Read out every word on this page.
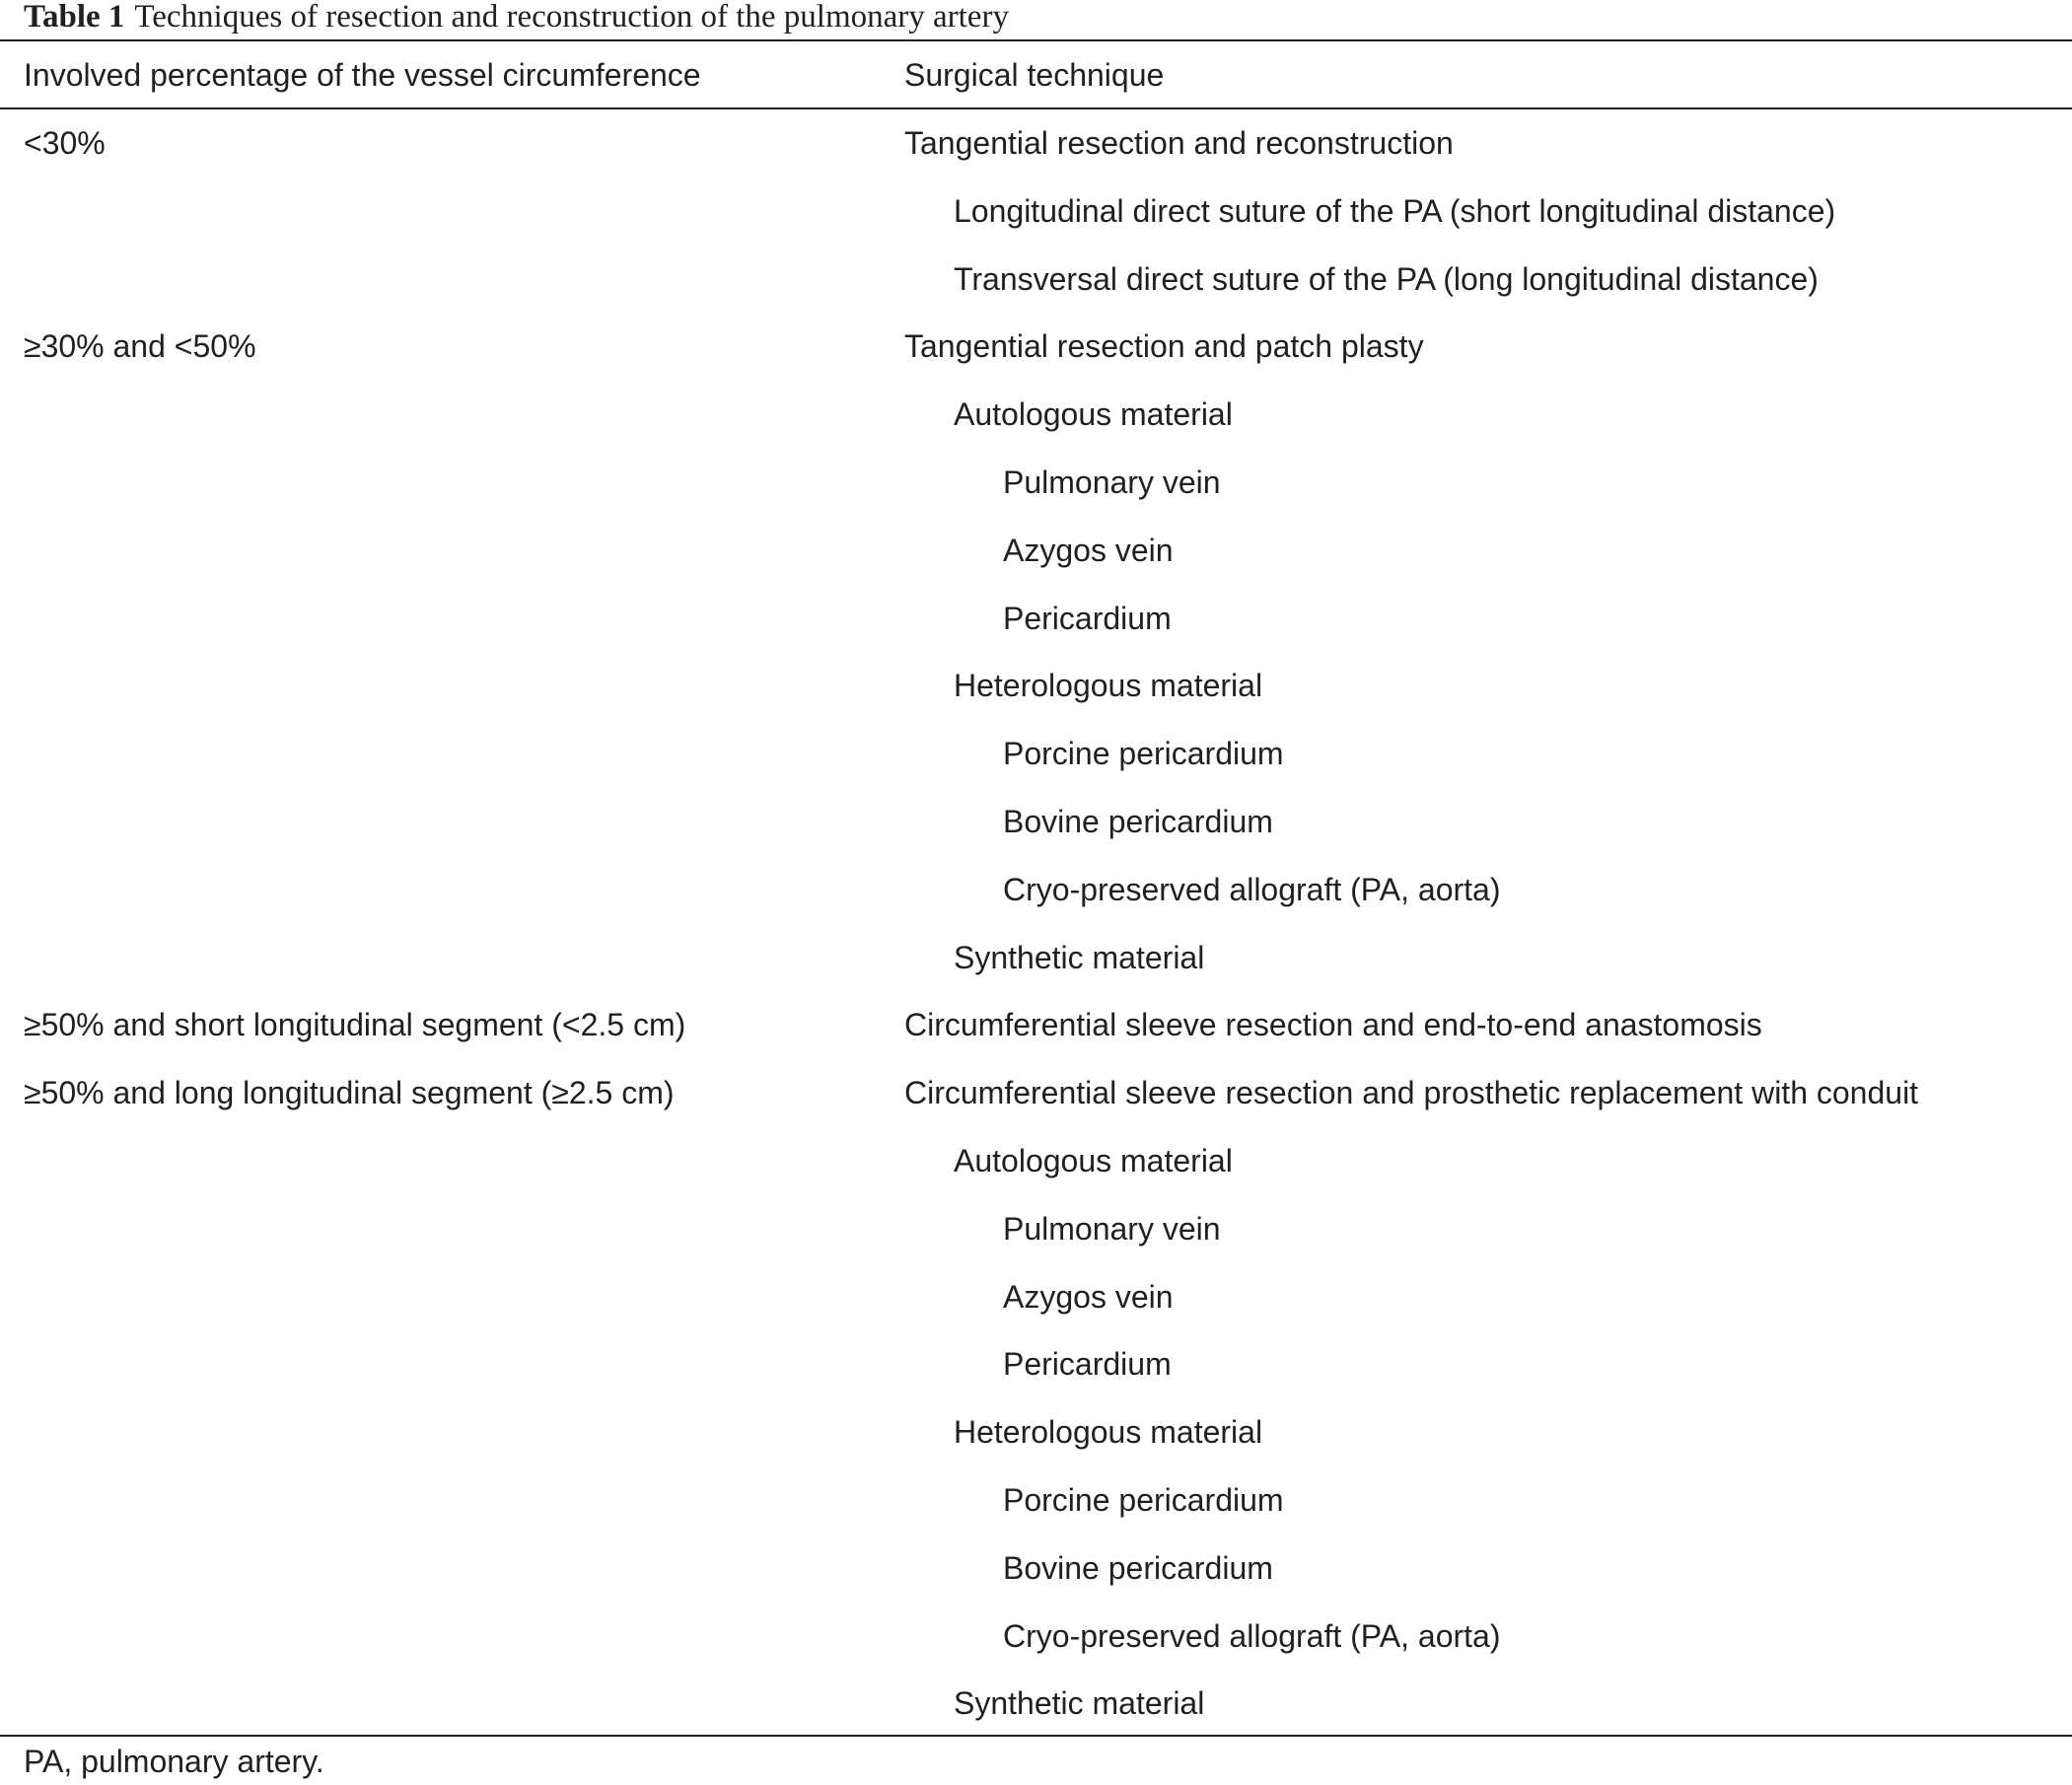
Table 1 Techniques of resection and reconstruction of the pulmonary artery
Involved percentage of the vessel circumference	Surgical technique
<30%	Tangential resection and reconstruction
Longitudinal direct suture of the PA (short longitudinal distance)
Transversal direct suture of the PA (long longitudinal distance)
≥30% and <50%	Tangential resection and patch plasty
Autologous material
Pulmonary vein
Azygos vein
Pericardium
Heterologous material
Porcine pericardium
Bovine pericardium
Cryo-preserved allograft (PA, aorta)
Synthetic material
≥50% and short longitudinal segment (<2.5 cm)	Circumferential sleeve resection and end-to-end anastomosis
≥50% and long longitudinal segment (≥2.5 cm)	Circumferential sleeve resection and prosthetic replacement with conduit
Autologous material
Pulmonary vein
Azygos vein
Pericardium
Heterologous material
Porcine pericardium
Bovine pericardium
Cryo-preserved allograft (PA, aorta)
Synthetic material
PA, pulmonary artery.
